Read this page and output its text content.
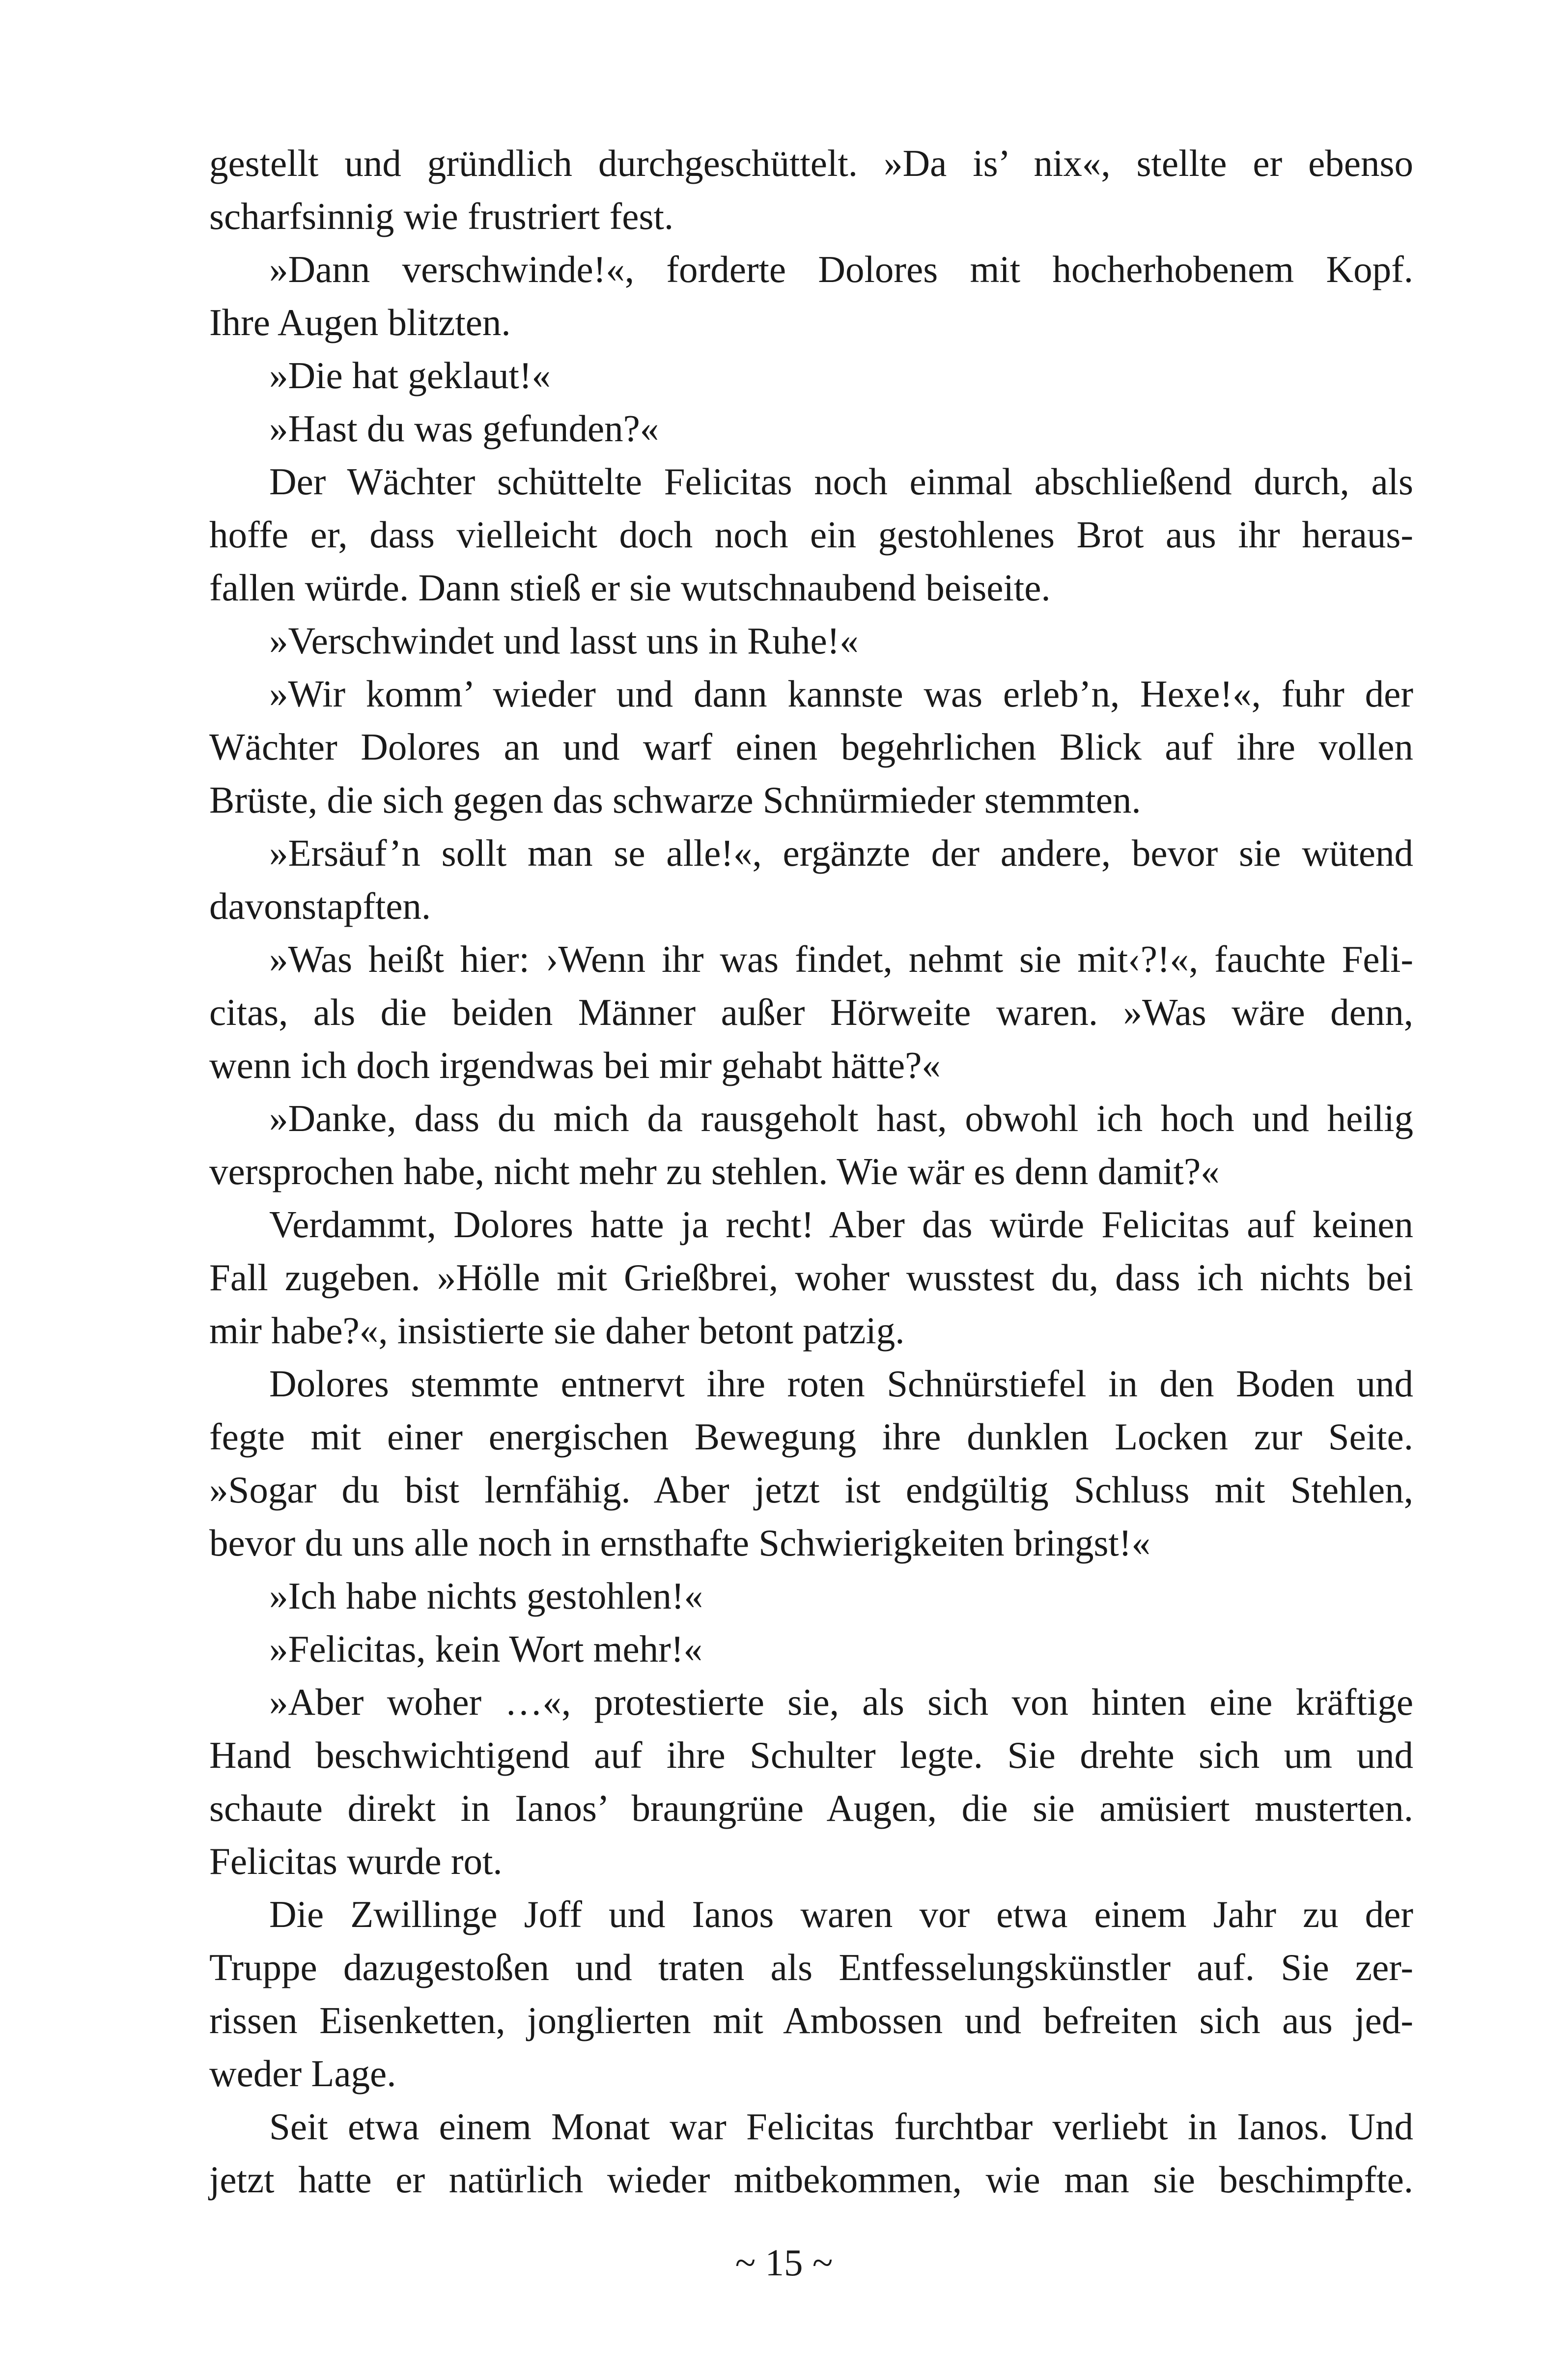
gestellt und gründlich durchgeschüttelt. »Da is’ nix«, stellte er ebenso
scharfsinnig wie frustriert fest.
»Dann verschwinde!«, forderte Dolores mit hocherhobenem Kopf.
Ihre Augen blitzten.
»Die hat geklaut!«
»Hast du was gefunden?«
Der Wächter schüttelte Felicitas noch einmal abschließend durch, als
hoffe er, dass vielleicht doch noch ein gestohlenes Brot aus ihr heraus-
fallen würde. Dann stieß er sie wutschnaubend beiseite.
»Verschwindet und lasst uns in Ruhe!«
»Wir komm’ wieder und dann kannste was erleb’n, Hexe!«, fuhr der
Wächter Dolores an und warf einen begehrlichen Blick auf ihre vollen
Brüste, die sich gegen das schwarze Schnürmieder stemmten.
»Ersäuf’n sollt man se alle!«, ergänzte der andere, bevor sie wütend
davonstapften.
»Was heißt hier: ›Wenn ihr was findet, nehmt sie mit‹?!«, fauchte Feli-
citas, als die beiden Männer außer Hörweite waren. »Was wäre denn,
wenn ich doch irgendwas bei mir gehabt hätte?«
»Danke, dass du mich da rausgeholt hast, obwohl ich hoch und heilig
versprochen habe, nicht mehr zu stehlen. Wie wär es denn damit?«
Verdammt, Dolores hatte ja recht! Aber das würde Felicitas auf keinen
Fall zugeben. »Hölle mit Grießbrei, woher wusstest du, dass ich nichts bei
mir habe?«, insistierte sie daher betont patzig.
Dolores stemmte entnervt ihre roten Schnürstiefel in den Boden und
fegte mit einer energischen Bewegung ihre dunklen Locken zur Seite.
»Sogar du bist lernfähig. Aber jetzt ist endgültig Schluss mit Stehlen,
bevor du uns alle noch in ernsthafte Schwierigkeiten bringst!«
»Ich habe nichts gestohlen!«
»Felicitas, kein Wort mehr!«
»Aber woher …«, protestierte sie, als sich von hinten eine kräftige
Hand beschwichtigend auf ihre Schulter legte. Sie drehte sich um und
schaute direkt in Ianos’ braungrüne Augen, die sie amüsiert musterten.
Felicitas wurde rot.
Die Zwillinge Joff und Ianos waren vor etwa einem Jahr zu der
Truppe dazugestoßen und traten als Entfesselungskünstler auf. Sie zer-
rissen Eisenketten, jonglierten mit Ambossen und befreiten sich aus jed-
weder Lage.
Seit etwa einem Monat war Felicitas furchtbar verliebt in Ianos. Und
jetzt hatte er natürlich wieder mitbekommen, wie man sie beschimpfte.
~ 15 ~
